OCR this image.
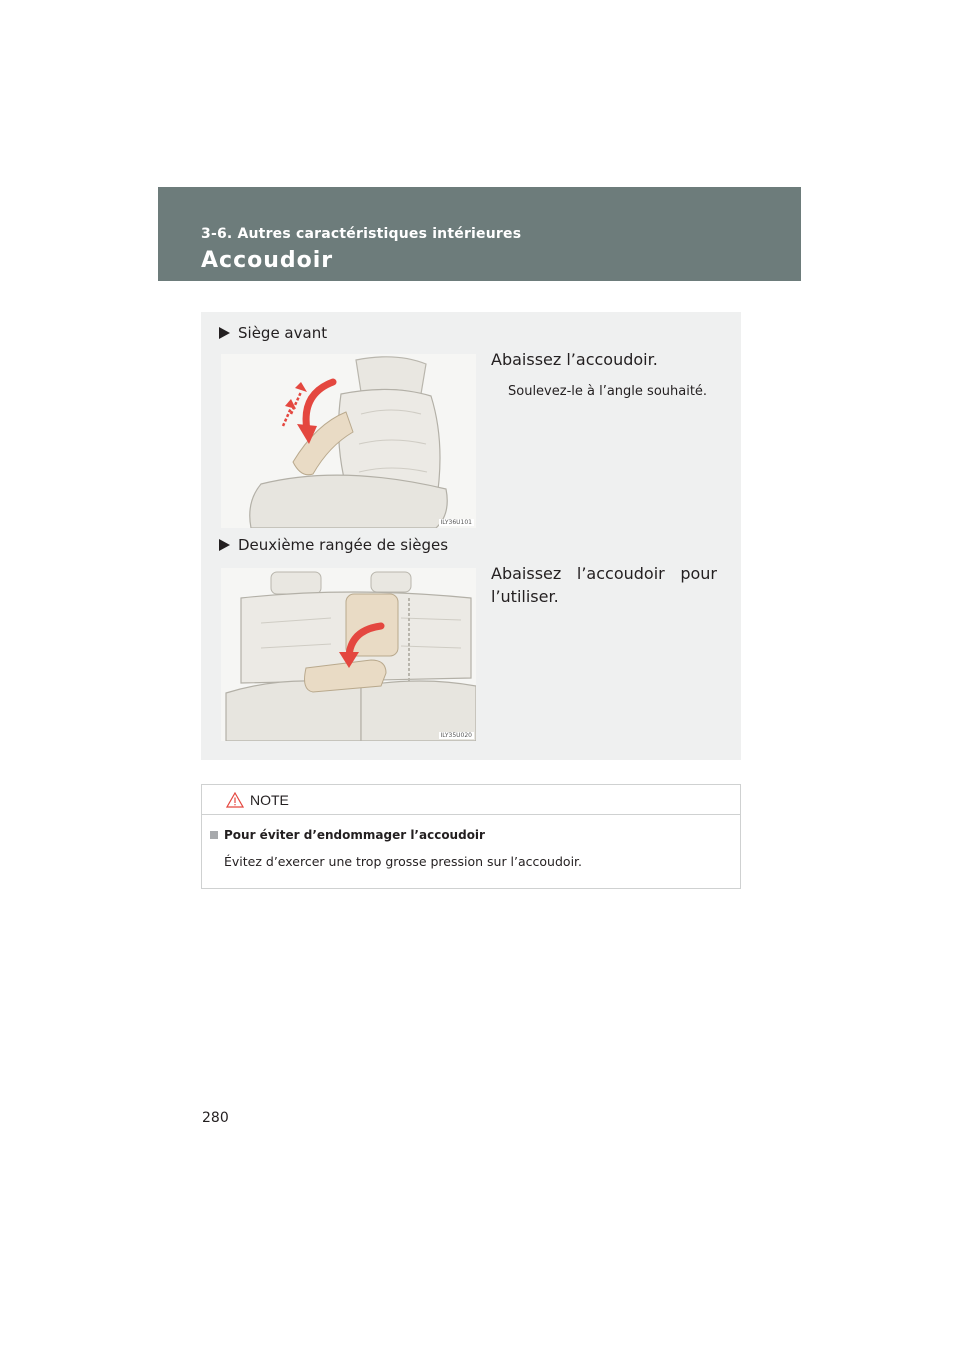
3-6. Autres caractéristiques intérieures
Accoudoir
Siège avant
ILY36U101
Abaissez l’accoudoir.
Soulevez-le à l’angle souhaité.
Deuxième rangée de sièges
ILY35U020
Abaissez l’accoudoir pour l’utiliser.
NOTE
Pour éviter d’endommager l’accoudoir
Évitez d’exercer une trop grosse pression sur l’accoudoir.
280
